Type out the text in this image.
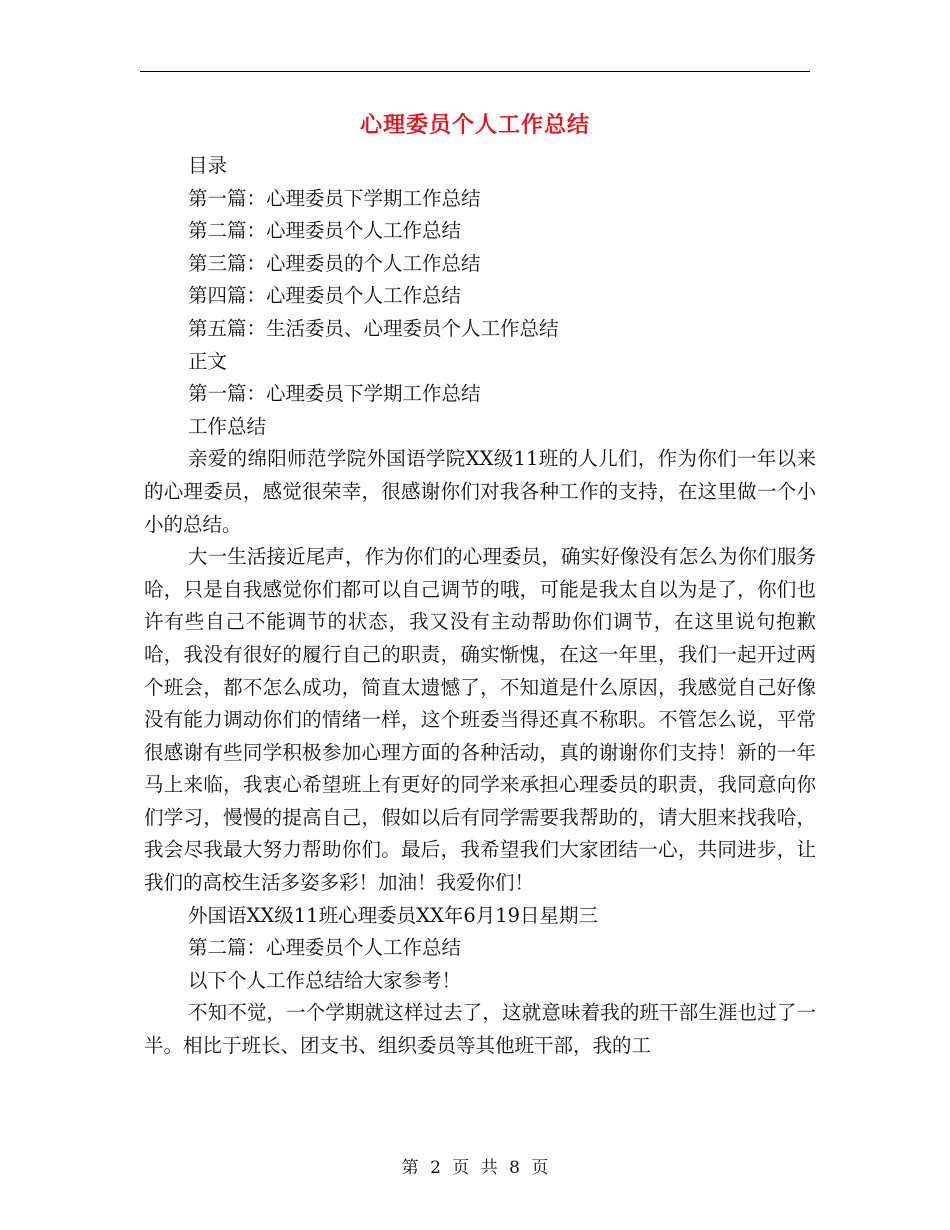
心理委员个人工作总结

目录

第一篇：心理委员下学期工作总结

第二篇：心理委员个人工作总结

第三篇：心理委员的个人工作总结

第四篇：心理委员个人工作总结

第五篇：生活委员、心理委员个人工作总结

正文

第一篇：心理委员下学期工作总结

工作总结

亲爱的绵阳师范学院外国语学院XX级11班的人儿们，作为你们一年以来的心理委员，感觉很荣幸，很感谢你们对我各种工作的支持，在这里做一个小小的总结。

大一生活接近尾声，作为你们的心理委员，确实好像没有怎么为你们服务哈，只是自我感觉你们都可以自己调节的哦，可能是我太自以为是了，你们也许有些自己不能调节的状态，我又没有主动帮助你们调节，在这里说句抱歉哈，我没有很好的履行自己的职责，确实惭愧，在这一年里，我们一起开过两个班会，都不怎么成功，简直太遗憾了，不知道是什么原因，我感觉自己好像没有能力调动你们的情绪一样，这个班委当得还真不称职。不管怎么说，平常很感谢有些同学积极参加心理方面的各种活动，真的谢谢你们支持！新的一年马上来临，我衷心希望班上有更好的同学来承担心理委员的职责，我同意向你们学习，慢慢的提高自己，假如以后有同学需要我帮助的，请大胆来找我哈，我会尽我最大努力帮助你们。最后，我希望我们大家团结一心，共同进步，让我们的高校生活多姿多彩！加油！我爱你们！

外国语XX级11班心理委员XX年6月19日星期三

第二篇：心理委员个人工作总结

以下个人工作总结给大家参考！

不知不觉，一个学期就这样过去了，这就意味着我的班干部生涯也过了一半。相比于班长、团支书、组织委员等其他班干部，我的工

第 2 页 共 8 页
